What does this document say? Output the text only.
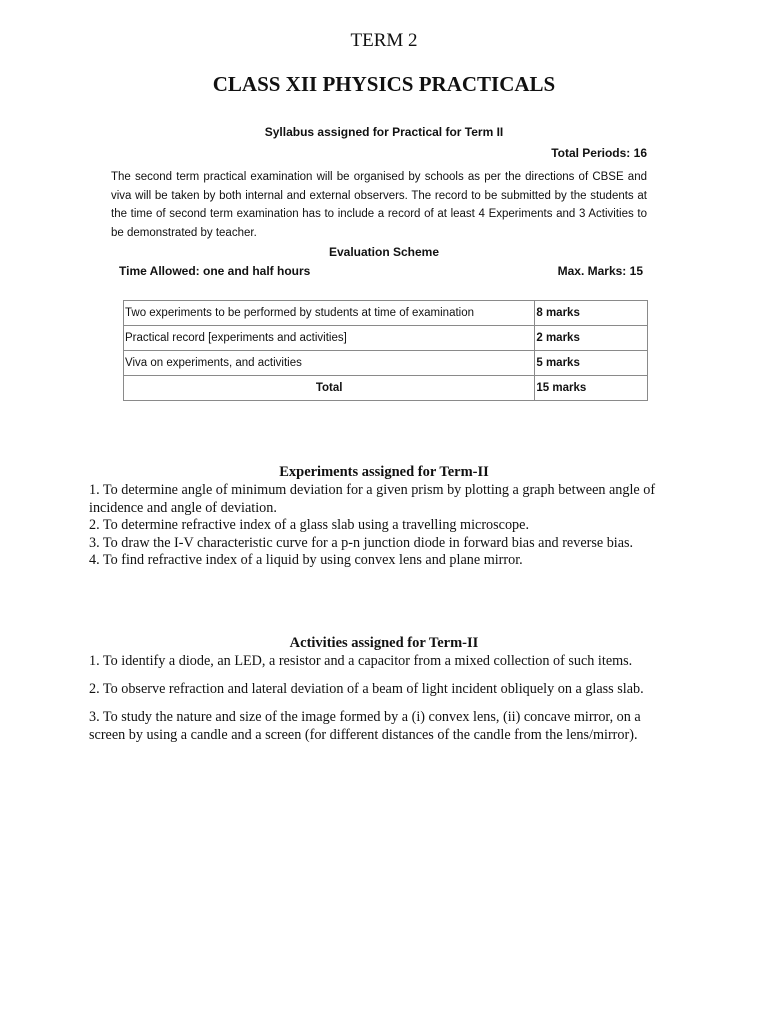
TERM 2
CLASS XII PHYSICS PRACTICALS
Syllabus assigned for Practical for Term II
Total Periods: 16
The second term practical examination will be organised by schools as per the directions of CBSE and viva will be taken by both internal and external observers. The record to be submitted by the students at the time of second term examination has to include a record of at least 4 Experiments and 3 Activities to be demonstrated by teacher.
Evaluation Scheme
Time Allowed: one and half hours	Max. Marks: 15
Two experiments to be performed by students at time of examination	8 marks
Practical record [experiments and activities]	2 marks
Viva on experiments, and activities	5 marks
Total	15 marks
Experiments assigned for Term-II
1. To determine angle of minimum deviation for a given prism by plotting a graph between angle of incidence and angle of deviation.
2. To determine refractive index of a glass slab using a travelling microscope.
3. To draw the I-V characteristic curve for a p-n junction diode in forward bias and reverse bias.
4. To find refractive index of a liquid by using convex lens and plane mirror.
Activities assigned for Term-II
1. To identify a diode, an LED, a resistor and a capacitor from a mixed collection of such items.
2. To observe refraction and lateral deviation of a beam of light incident obliquely on a glass slab.
3. To study the nature and size of the image formed by a (i) convex lens, (ii) concave mirror, on a screen by using a candle and a screen (for different distances of the candle from the lens/mirror).
